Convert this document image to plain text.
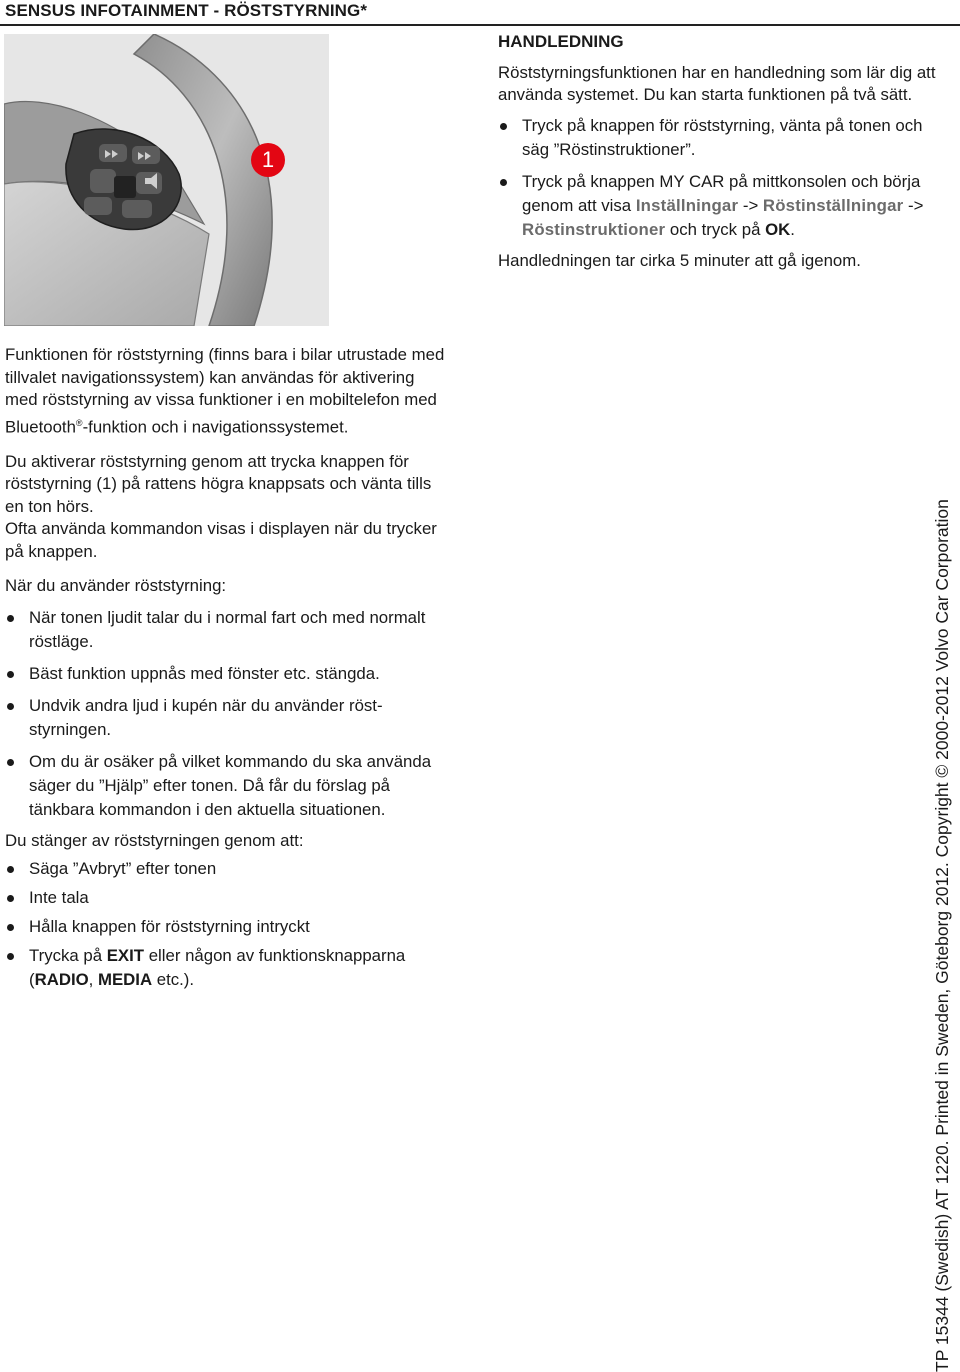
SENSUS INFOTAINMENT - RÖSTSTYRNING*
1
HANDLEDNING

Röststyrningsfunktionen har en handledning som lär dig att använda systemet. Du kan starta funktionen på två sätt.

Tryck på knappen för röststyrning, vänta på tonen och säg ”Röstinstruktioner”.
Tryck på knappen MY CAR på mittkonsolen och börja genom att visa Inställningar -> Röstinställningar -> Röstinstruktioner och tryck på OK.

Handledningen tar cirka 5 minuter att gå igenom.

Funktionen för röststyrning (finns bara i bilar utrustade med tillvalet navigationssystem) kan användas för aktivering med röststyrning av vissa funktioner i en mobiltelefon med Bluetooth®-funktion och i navigationssystemet.

Du aktiverar röststyrning genom att trycka knappen för röststyrning (1) på rattens högra knappsats och vänta tills en ton hörs.

Ofta använda kommandon visas i displayen när du trycker på knappen.

När du använder röststyrning:

När tonen ljudit talar du i normal fart och med normalt röstläge.
Bäst funktion uppnås med fönster etc. stängda.
Undvik andra ljud i kupén när du använder röststyrningen.
Om du är osäker på vilket kommando du ska använda säger du ”Hjälp” efter tonen. Då får du förslag på tänkbara kommandon i den aktuella situationen.

Du stänger av röststyrningen genom att:

Säga ”Avbryt” efter tonen
Inte tala
Hålla knappen för röststyrning intryckt
Trycka på EXIT eller någon av funktionsknapparna (RADIO, MEDIA etc.).	TP 15344 (Swedish) AT 1220. Printed in Sweden, Göteborg 2012. Copyright © 2000-2012 Volvo Car Corporation
